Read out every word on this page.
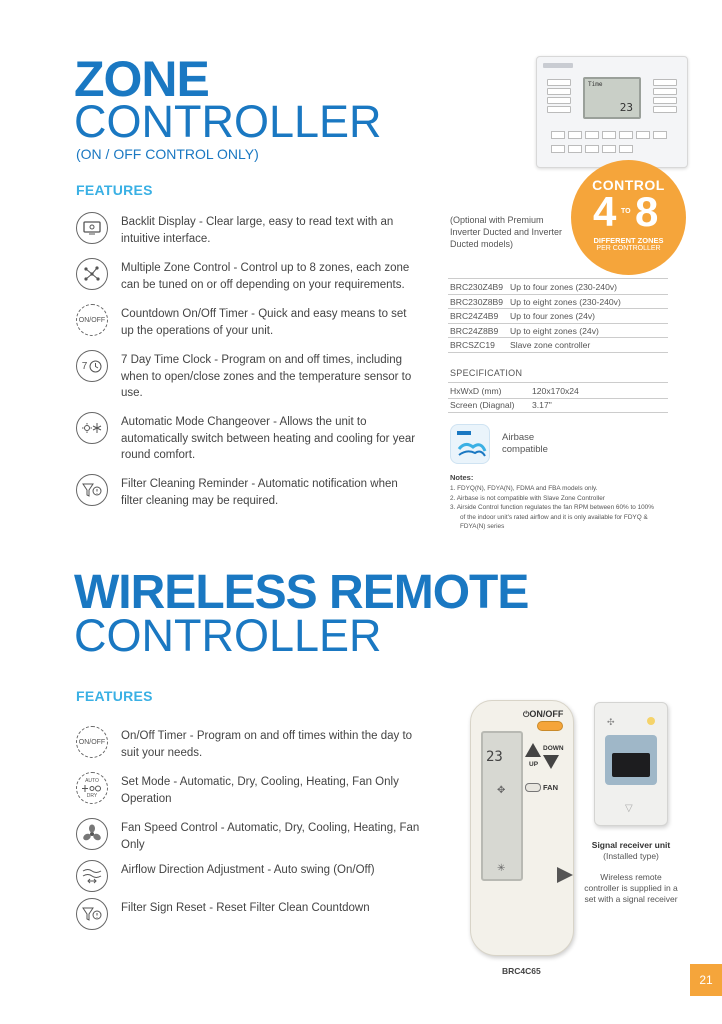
ZONE
CONTROLLER
(ON / OFF CONTROL ONLY)
FEATURES
Backlit Display - Clear large, easy to read text with an intuitive interface.
Multiple Zone Control - Control up to 8 zones, each zone can be tuned on or off depending on your requirements.
ON/OFF Countdown On/Off Timer - Quick and easy means to set up the operations of your unit.
7	7 Day Time Clock - Program on and off times, including when to open/close zones and the temperature sensor to use.
Automatic Mode Changeover - Allows the unit to automatically switch between heating and cooling for year round comfort.
Filter Cleaning Reminder - Automatic notification when filter cleaning may be required.
Time
23
CONTROL
4 TO 8
DIFFERENT ZONES
PER CONTROLLER
(Optional with Premium Inverter Ducted and Inverter Ducted models)
BRC230Z4B9 Up to four zones (230-240v)
BRC230Z8B9 Up to eight zones (230-240v)
BRC24Z4B9 Up to four zones (24v)
BRC24Z8B9 Up to eight zones (24v)
BRCSZC19 Slave zone controller
SPECIFICATION
HxWxD (mm)	120x170x24
Screen (Diagnal) 3.17"
Airbase
compatible
Notes:
1. FDYQ(N), FDYA(N), FDMA and FBA models only.
2. Airbase is not compatible with Slave Zone Controller
3. Airside Control function regulates the fan RPM between 60% to 100%
of the indoor unit's rated airflow and it is only available for FDYQ &
FDYA(N) series
WIRELESS REMOTE
CONTROLLER
FEATURES
ON/OFF On/Off Timer - Program on and off times within the day to suit your needs.
AUTO
DRY
Set Mode - Automatic, Dry, Cooling, Heating, Fan Only Operation
Fan Speed Control - Automatic, Dry, Cooling, Heating, Fan Only
Airflow Direction Adjustment - Auto swing (On/Off)
Filter Sign Reset - Reset Filter Clean Countdown
⏻ON/OFF
23
✥
✳
DOWN
UP
FAN
BRC4C65
✣
▽
Signal receiver unit
(Installed type)
Wireless remote controller is supplied in a set with a signal receiver
21
